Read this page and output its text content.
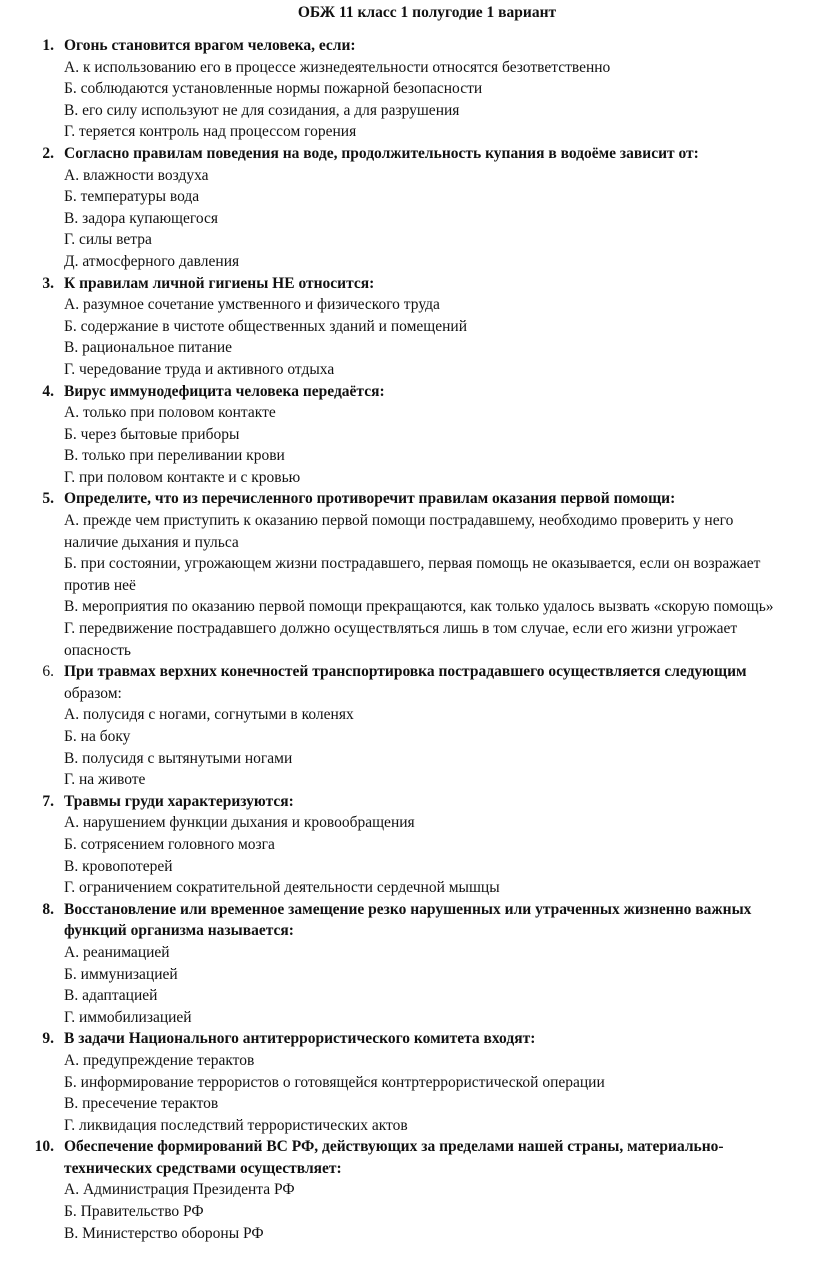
ОБЖ 11 класс 1 полугодие 1 вариант
1. Огонь становится врагом человека, если:
А. к использованию его в процессе жизнедеятельности относятся безответственно
Б. соблюдаются установленные нормы пожарной безопасности
В. его силу используют не для созидания, а для разрушения
Г. теряется контроль над процессом горения
2. Согласно правилам поведения на воде, продолжительность купания в водоёме зависит от:
А. влажности воздуха
Б. температуры вода
В. задора купающегося
Г. силы ветра
Д. атмосферного давления
3. К правилам личной гигиены НЕ относится:
А. разумное сочетание умственного и физического труда
Б. содержание в чистоте общественных зданий и помещений
В. рациональное питание
Г. чередование труда и активного отдыха
4. Вирус иммунодефицита человека передаётся:
А. только при половом контакте
Б. через бытовые приборы
В. только при переливании крови
Г. при половом контакте и с кровью
5. Определите, что из перечисленного противоречит правилам оказания первой помощи:
А. прежде чем приступить к оказанию первой помощи пострадавшему, необходимо проверить у него наличие дыхания и пульса
Б. при состоянии, угрожающем жизни пострадавшего, первая помощь не оказывается, если он возражает против неё
В. мероприятия по оказанию первой помощи прекращаются, как только удалось вызвать «скорую помощь»
Г. передвижение пострадавшего должно осуществляться лишь в том случае, если его жизни угрожает опасность
6. При травмах верхних конечностей транспортировка пострадавшего осуществляется следующим образом:
А. полусидя с ногами, согнутыми в коленях
Б. на боку
В. полусидя с вытянутыми ногами
Г. на животе
7. Травмы груди характеризуются:
А. нарушением функции дыхания и кровообращения
Б. сотрясением головного мозга
В. кровопотерей
Г. ограничением сократительной деятельности сердечной мышцы
8. Восстановление или временное замещение резко нарушенных или утраченных жизненно важных функций организма называется:
А. реанимацией
Б. иммунизацией
В. адаптацией
Г. иммобилизацией
9. В задачи Национального антитеррористического комитета входят:
А. предупреждение терактов
Б. информирование террористов о готовящейся контртеррористической операции
В. пресечение терактов
Г. ликвидация последствий террористических актов
10. Обеспечение формирований ВС РФ, действующих за пределами нашей страны, материально-технических средствами осуществляет:
А. Администрация Президента РФ
Б. Правительство РФ
В. Министерство обороны РФ
